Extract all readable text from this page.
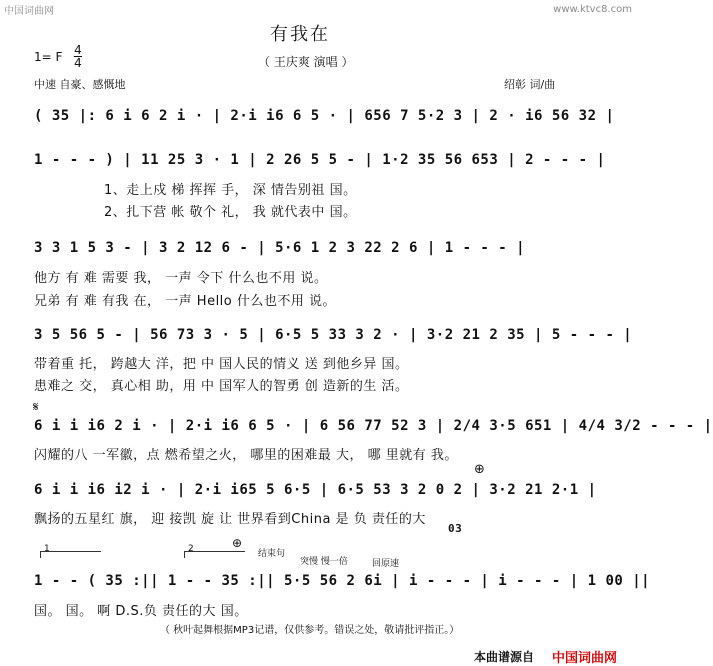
中国词曲网	www.ktvc8.com
有我在
（ 王庆爽 演唱 ）
1= F 4
4
中速 自豪、感慨地	绍彰 词/曲
( 35 |: 6 i 6 2 i · | 2·i i6 6 5 · | 656 7 5·2 3 | 2 · i6 56 32 |
1 - - - ) | 11 25 3 · 1 | 2 26 5 5 - | 1·2 35 56 653 | 2 - - - |
1、走上戍 梯 挥挥 手， 深 情告别祖 国。
2、扎下营 帐 敬个 礼， 我 就代表中 国。
3 3 1 5 3 - | 3 2 12 6 - | 5·6 1 2 3 22 2 6 | 1 - - - |
他方 有 难 需要 我， 一声 令下 什么也不用 说。
兄弟 有 难 有我 在， 一声 Hello 什么也不用 说。
3 5 56 5 - | 56 73 3 · 5 | 6·5 5 33 3 2 · | 3·2 21 2 35 | 5 - - - |
带着重 托， 跨越大 洋，把 中 国人民的情义 送 到他乡异 国。
患难之 交， 真心相 助，用 中 国军人的智勇 创 造新的生 活。
𝄋
6 i i i6 2 i · | 2·i i6 6 5 · | 6 56 77 52 3 | 2/4 3·5 651 | 4/4 3/2 - - - |
闪耀的八 一军徽，点 燃希望之火， 哪里的困难最 大， 哪 里就有 我。
⊕
6 i i i6 i2 i · | 2·i i65 5 6·5 | 6·5 53 3 2 0 2 | 3·2 21 2·1 |
飘扬的五星红 旗， 迎 接凯 旋 让 世界看到China 是 负 责任的大
03
1	2	⊕
结束句
突慢 慢一倍	回原速
1 - - ( 35 :|| 1 - - 35 :|| 5·5 56 2 6i | i - - - | i - - - | 1 00 ||
国。 国。 啊 D.S.负 责任的大 国。
（ 秋叶起舞根据MP3记谱，仅供参考。错误之处，敬请批评指正。）
本曲谱源自 中国词曲网
